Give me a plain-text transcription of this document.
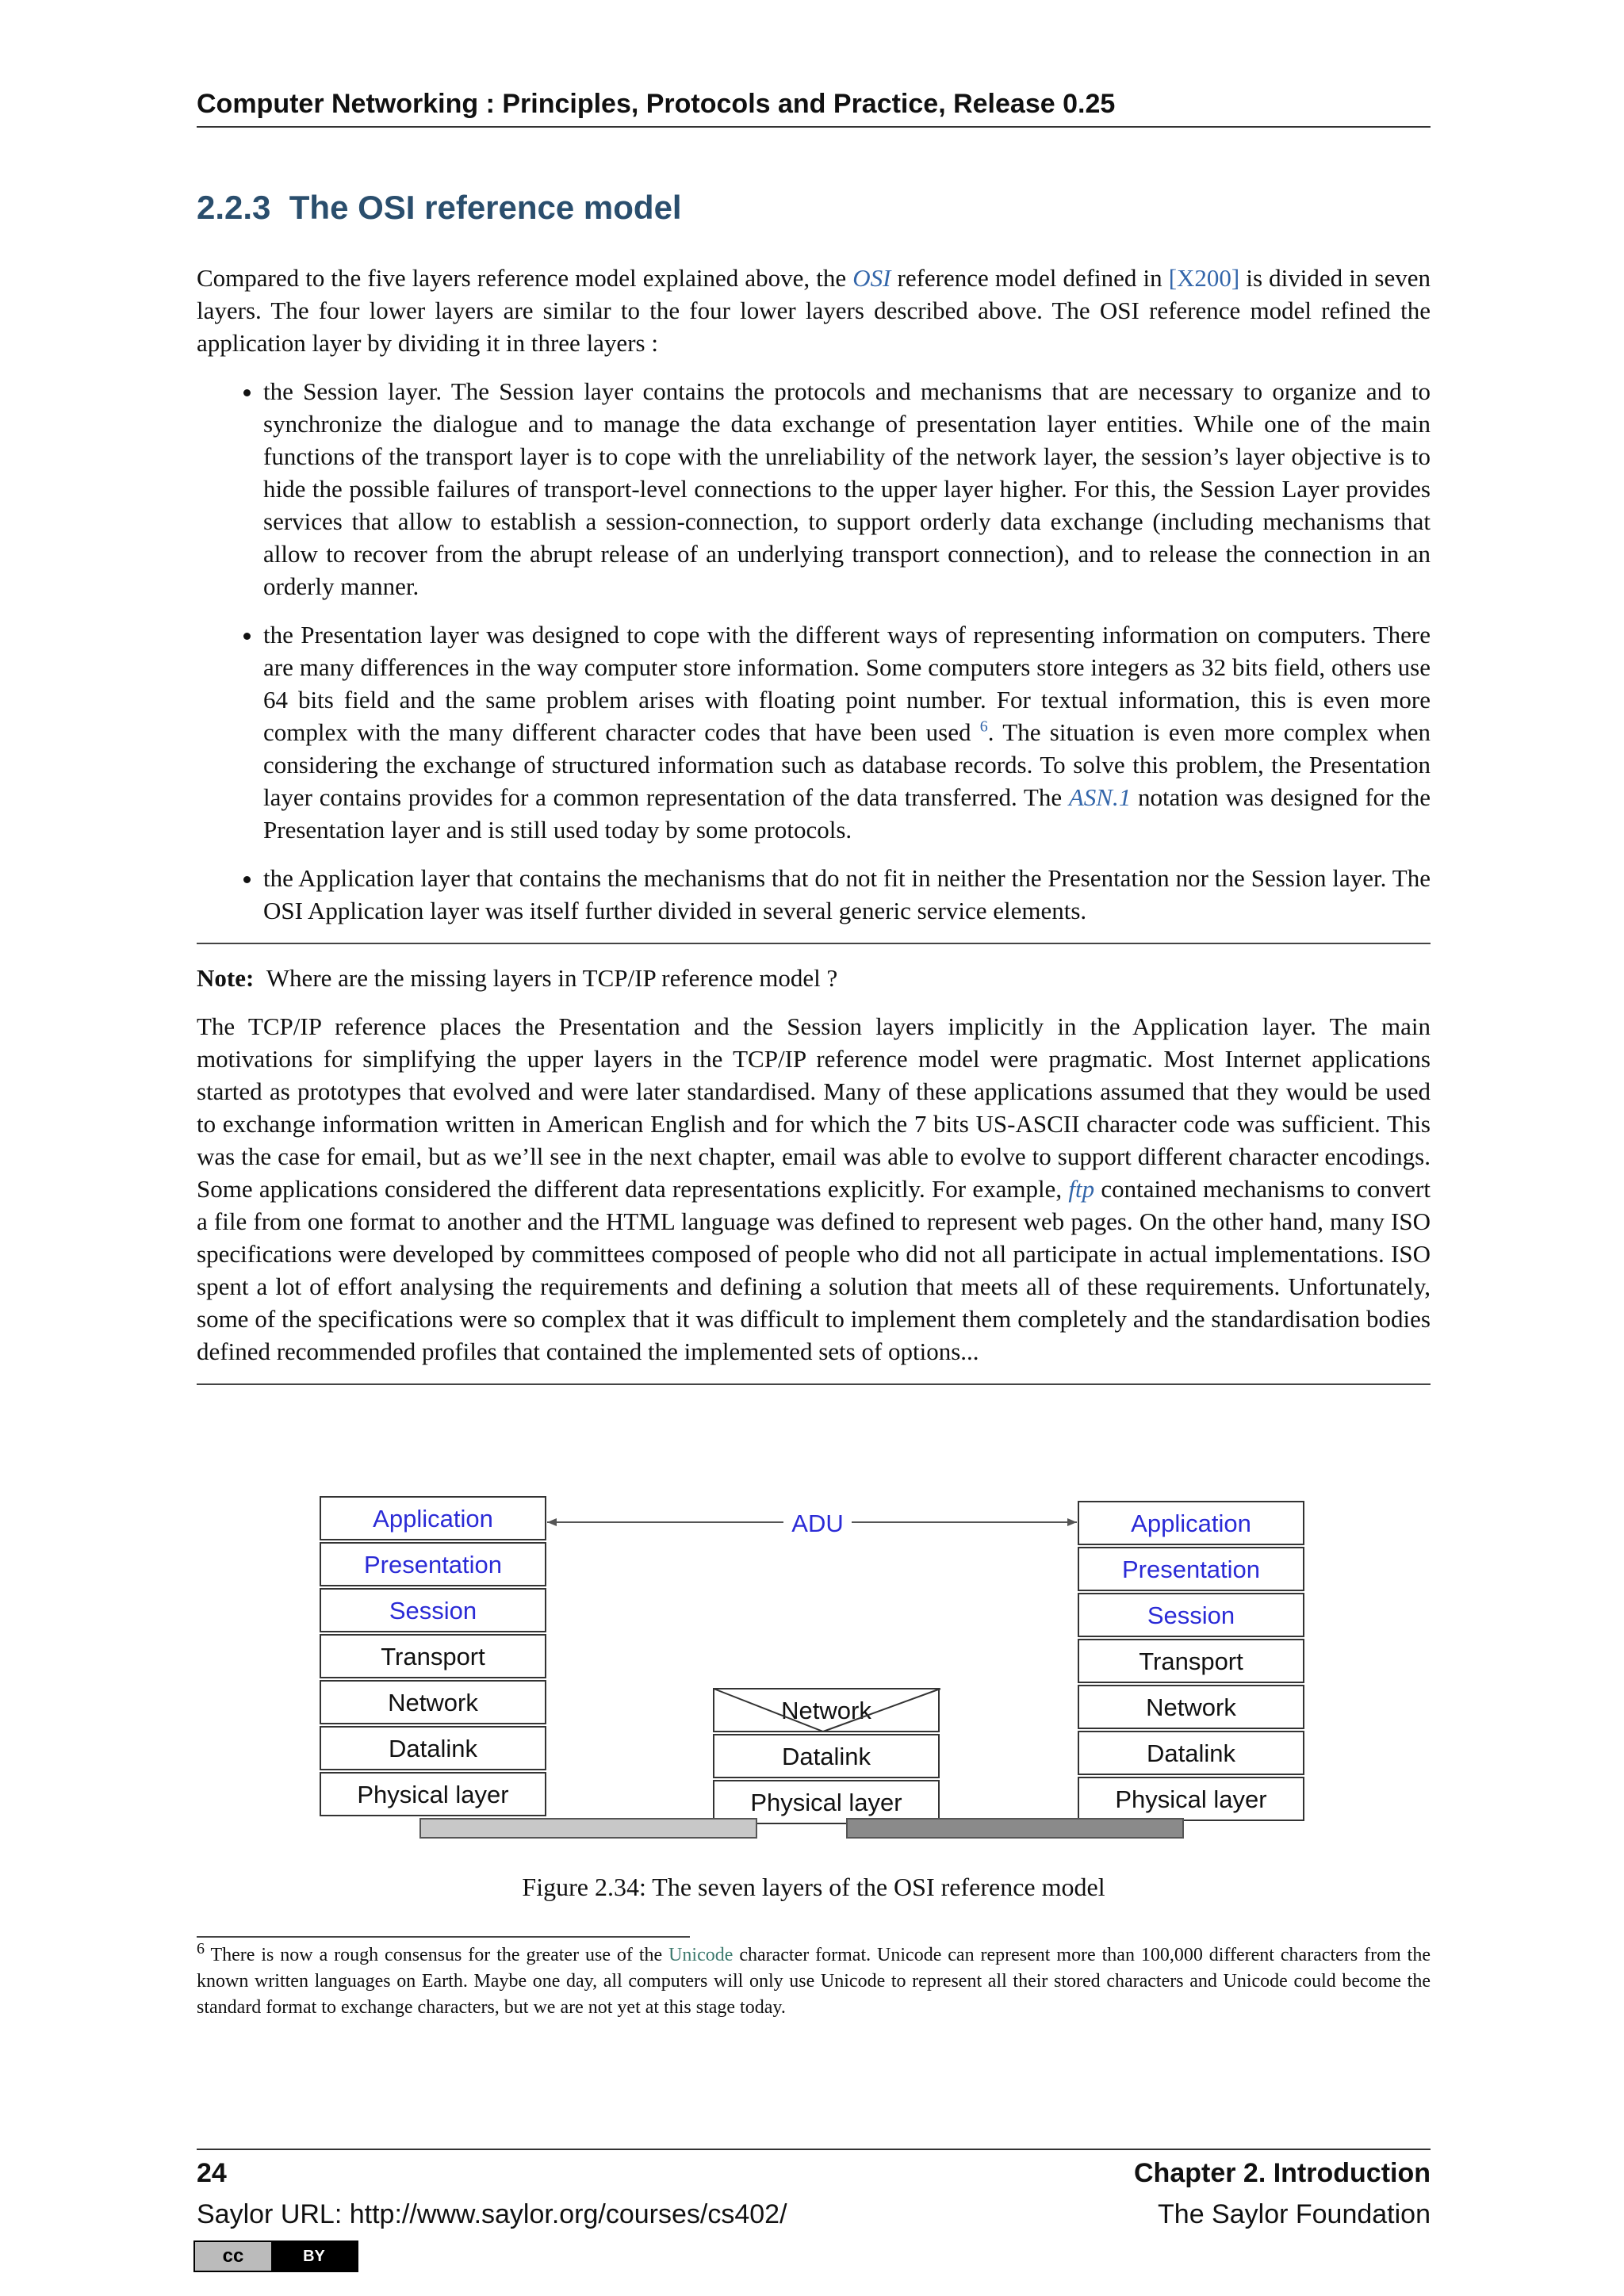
Computer Networking : Principles, Protocols and Practice, Release 0.25
2.2.3 The OSI reference model

Compared to the five layers reference model explained above, the OSI reference model defined in [X200] is divided in seven layers. The four lower layers are similar to the four lower layers described above. The OSI reference model refined the application layer by dividing it in three layers :

• the Session layer. The Session layer contains the protocols and mechanisms that are necessary to organize and to synchronize the dialogue and to manage the data exchange of presentation layer entities. While one of the main functions of the transport layer is to cope with the unreliability of the network layer, the session’s layer objective is to hide the possible failures of transport-level connections to the upper layer higher. For this, the Session Layer provides services that allow to establish a session-connection, to support orderly data exchange (including mechanisms that allow to recover from the abrupt release of an underlying transport connection), and to release the connection in an orderly manner.
• the Presentation layer was designed to cope with the different ways of representing information on computers. There are many differences in the way computer store information. Some computers store integers as 32 bits field, others use 64 bits field and the same problem arises with floating point number. For textual information, this is even more complex with the many different character codes that have been used $^6$. The situation is even more complex when considering the exchange of structured information such as database records. To solve this problem, the Presentation layer contains provides for a common representation of the data transferred. The ASN.1 notation was designed for the Presentation layer and is still used today by some protocols.
• the Application layer that contains the mechanisms that do not fit in neither the Presentation nor the Session layer. The OSI Application layer was itself further divided in several generic service elements.

Note: Where are the missing layers in TCP/IP reference model ?

The TCP/IP reference places the Presentation and the Session layers implicitly in the Application layer. The main motivations for simplifying the upper layers in the TCP/IP reference model were pragmatic. Most Internet applications started as prototypes that evolved and were later standardised. Many of these applications assumed that they would be used to exchange information written in American English and for which the 7 bits US-ASCII character code was sufficient. This was the case for email, but as we’ll see in the next chapter, email was able to evolve to support different character encodings. Some applications considered the different data representations explicitly. For example, ftp contained mechanisms to convert a file from one format to another and the HTML language was defined to represent web pages. On the other hand, many ISO specifications were developed by committees composed of people who did not all participate in actual implementations. ISO spent a lot of effort analysing the requirements and defining a solution that meets all of these requirements. Unfortunately, some of the specifications were so complex that it was difficult to implement them completely and the standardisation bodies defined recommended profiles that contained the implemented sets of options...

Application
Presentation
Session
Transport
Network
Datalink
Physical layer
Network
Datalink
Physical layer
Application
Presentation
Session
Transport
Network
Datalink
Physical layer
ADU
Figure 2.34: The seven layers of the OSI reference model
$^6$ There is now a rough consensus for the greater use of the Unicode character format. Unicode can represent more than 100,000 different characters from the known written languages on Earth. Maybe one day, all computers will only use Unicode to represent all their stored characters and Unicode could become the standard format to exchange characters, but we are not yet at this stage today.
24	Chapter 2. Introduction
Saylor URL: http://www.saylor.org/courses/cs402/	The Saylor Foundation
cc	BY
